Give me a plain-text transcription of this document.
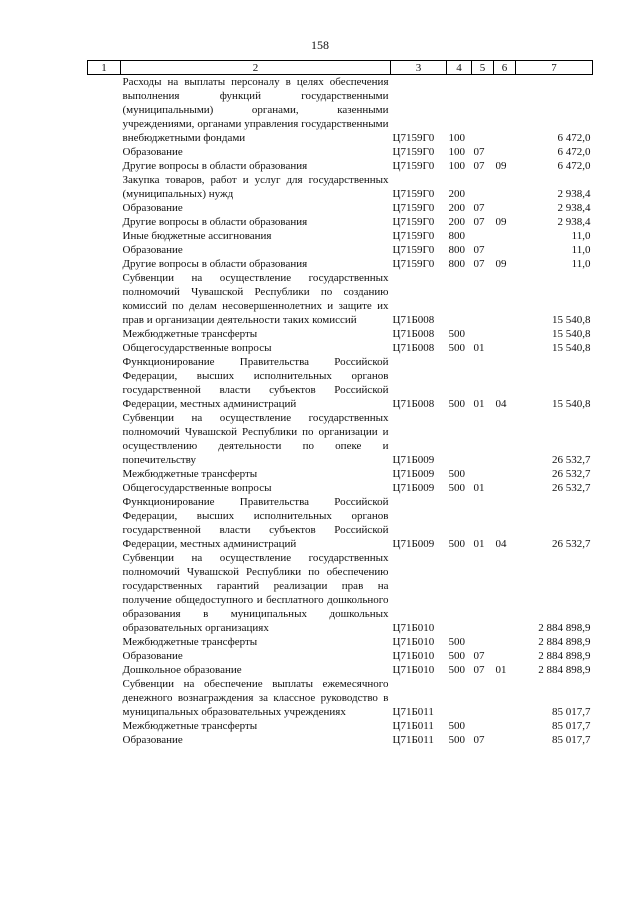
158
1	2	3	4	5	6	7
	Расходы на выплаты персоналу в целях обеспечения выполнения функций государственными (муниципальными) органами, казенными учреждениями, органами управления государственными внебюджетными фондами	Ц7159Г0	100			6 472,0
	Образование	Ц7159Г0	100	07		6 472,0
	Другие вопросы в области образования	Ц7159Г0	100	07	09	6 472,0
	Закупка товаров, работ и услуг для государственных (муниципальных) нужд	Ц7159Г0	200			2 938,4
	Образование	Ц7159Г0	200	07		2 938,4
	Другие вопросы в области образования	Ц7159Г0	200	07	09	2 938,4
	Иные бюджетные ассигнования	Ц7159Г0	800			11,0
	Образование	Ц7159Г0	800	07		11,0
	Другие вопросы в области образования	Ц7159Г0	800	07	09	11,0
	Субвенции на осуществление государственных полномочий Чувашской Республики по созданию комиссий по делам несовершеннолетних и защите их прав и организации деятельности таких комиссий	Ц71Б008				15 540,8
	Межбюджетные трансферты	Ц71Б008	500			15 540,8
	Общегосударственные вопросы	Ц71Б008	500	01		15 540,8
	Функционирование Правительства Российской Федерации, высших исполнительных органов государственной власти субъектов Российской Федерации, местных администраций	Ц71Б008	500	01	04	15 540,8
	Субвенции на осуществление государственных полномочий Чувашской Республики по организации и осуществлению деятельности по опеке и попечительству	Ц71Б009				26 532,7
	Межбюджетные трансферты	Ц71Б009	500			26 532,7
	Общегосударственные вопросы	Ц71Б009	500	01		26 532,7
	Функционирование Правительства Российской Федерации, высших исполнительных органов государственной власти субъектов Российской Федерации, местных администраций	Ц71Б009	500	01	04	26 532,7
	Субвенции на осуществление государственных полномочий Чувашской Республики по обеспечению государственных гарантий реализации прав на получение общедоступного и бесплатного дошкольного образования в муниципальных дошкольных образовательных организациях	Ц71Б010				2 884 898,9
	Межбюджетные трансферты	Ц71Б010	500			2 884 898,9
	Образование	Ц71Б010	500	07		2 884 898,9
	Дошкольное образование	Ц71Б010	500	07	01	2 884 898,9
	Субвенции на обеспечение выплаты ежемесячного денежного вознаграждения за классное руководство в муниципальных образовательных учреждениях	Ц71Б011				85 017,7
	Межбюджетные трансферты	Ц71Б011	500			85 017,7
	Образование	Ц71Б011	500	07		85 017,7
